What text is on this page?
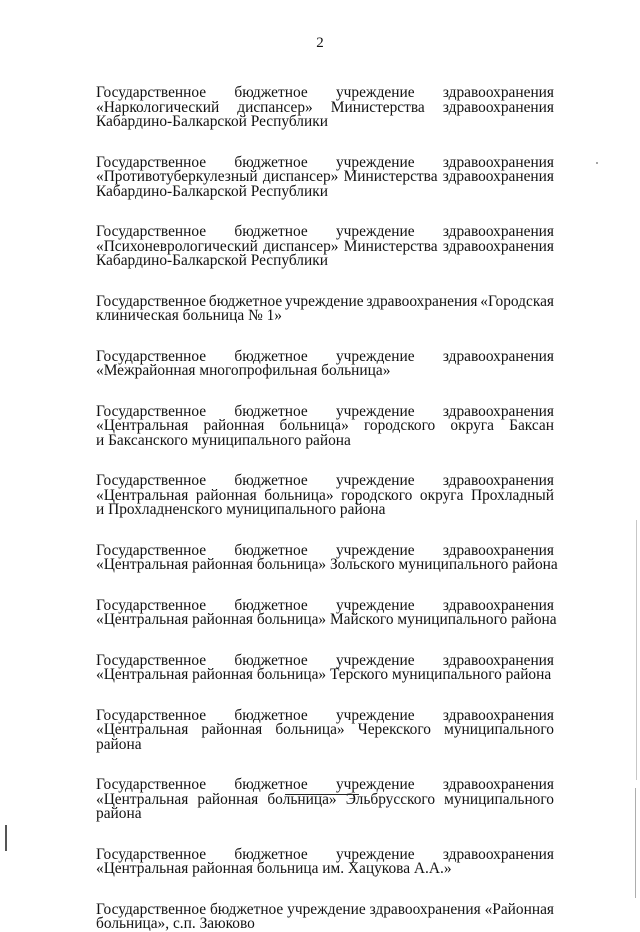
2

Государственное бюджетное учреждение здравоохранения
«Наркологический диспансер» Министерства здравоохранения
Кабардино-Балкарской Республики

Государственное бюджетное учреждение здравоохранения
«Противотуберкулезный диспансер» Министерства здравоохранения
Кабардино-Балкарской Республики

Государственное бюджетное учреждение здравоохранения
«Психоневрологический диспансер» Министерства здравоохранения
Кабардино-Балкарской Республики

Государственное бюджетное учреждение здравоохранения «Городская
клиническая больница № 1»

Государственное бюджетное учреждение здравоохранения
«Межрайонная многопрофильная больница»

Государственное бюджетное учреждение здравоохранения
«Центральная районная больница» городского округа Баксан
и Баксанского муниципального района

Государственное бюджетное учреждение здравоохранения
«Центральная районная больница» городского округа Прохладный
и Прохладненского муниципального района

Государственное бюджетное учреждение здравоохранения
«Центральная районная больница» Зольского муниципального района

Государственное бюджетное учреждение здравоохранения
«Центральная районная больница» Майского муниципального района

Государственное бюджетное учреждение здравоохранения
«Центральная районная больница» Терского муниципального района

Государственное бюджетное учреждение здравоохранения
«Центральная районная больница» Черекского муниципального
района

Государственное бюджетное учреждение здравоохранения
«Центральная районная больница» Эльбрусского муниципального
района

Государственное бюджетное учреждение здравоохранения
«Центральная районная больница им. Хацукова А.А.»

Государственное бюджетное учреждение здравоохранения «Районная
больница», с.п. Заюково
